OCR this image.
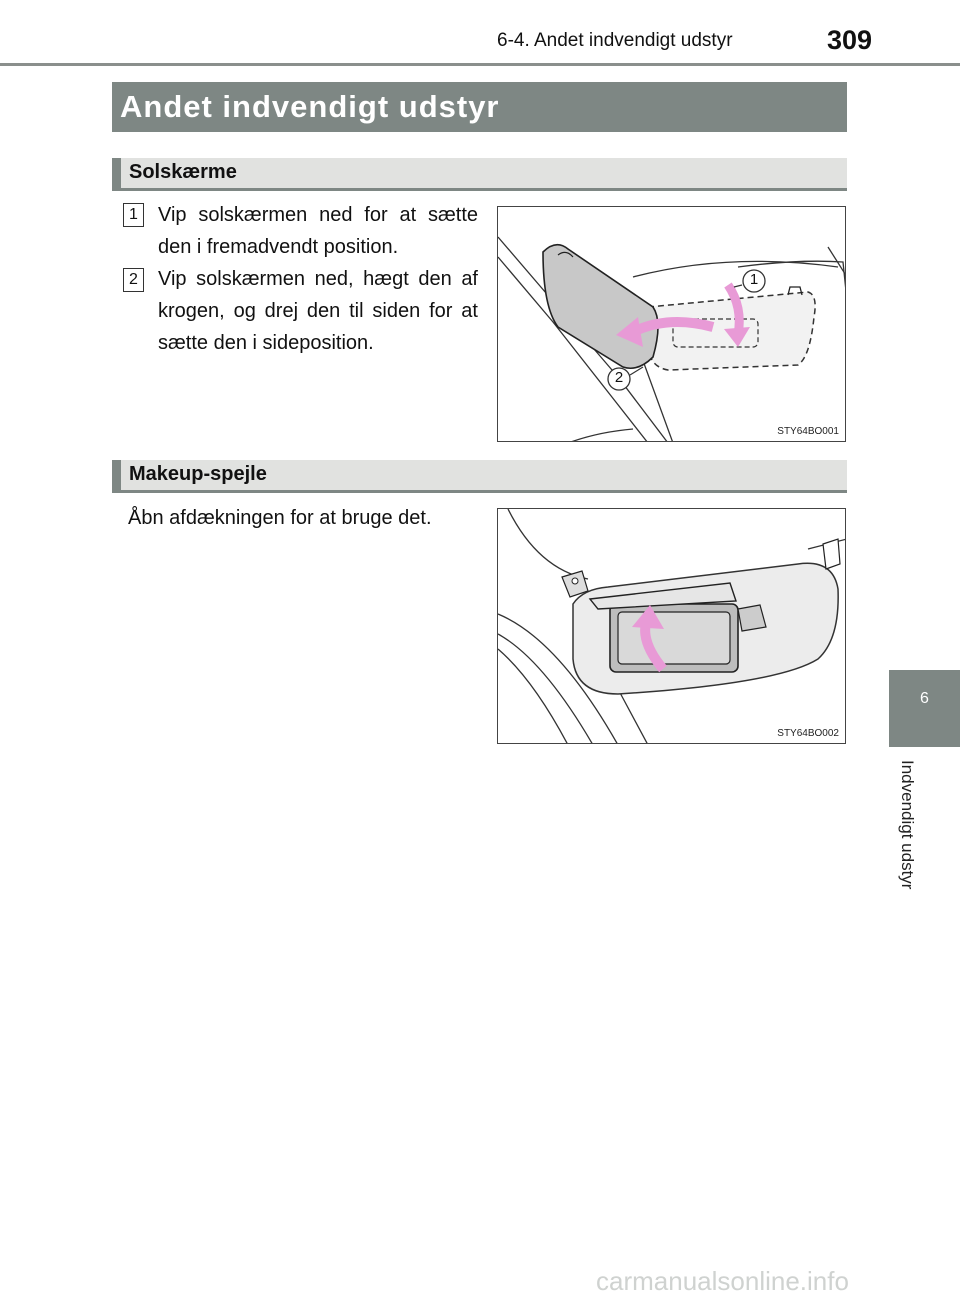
6-4. Andet indvendigt udstyr	309
Andet indvendigt udstyr
Solskærme
1	Vip solskærmen ned for at sætte den i fremadvendt position.
2	Vip solskærmen ned, hægt den af krogen, og drej den til siden for at sætte den i sideposition.
1
2
STY64BO001
Makeup-spejle
Åbn afdækningen for at bruge det.
STY64BO002
6
Indvendigt udstyr
carmanualsonline.info
